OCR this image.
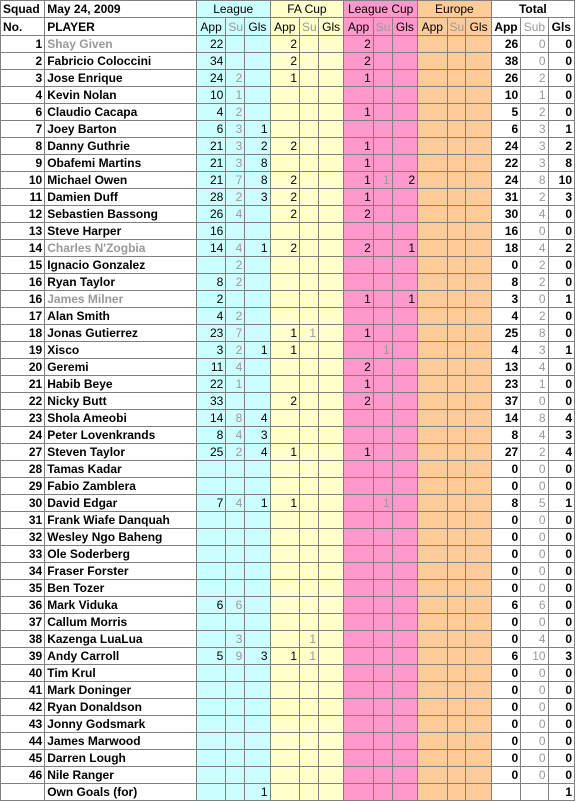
Squad	May 24, 2009	League			FA Cup			League Cup			Europe			Total		
No.	PLAYER	App	Su	Gls	App	Su	Gls	App	Su	Gls	App	Su	Gls	App	Sub	Gls
1	Shay Given	22			2			2						26	0	0
2	Fabricio Coloccini	34			2			2						38	0	0
3	Jose Enrique	24	2		1			1						26	2	0
4	Kevin Nolan	10	1											10	1	0
6	Claudio Cacapa	4	2					1						5	2	0
7	Joey Barton	6	3	1										6	3	1
8	Danny Guthrie	21	3	2	2			1						24	3	2
9	Obafemi Martins	21	3	8				1						22	3	8
10	Michael Owen	21	7	8	2			1	1	2				24	8	10
11	Damien Duff	28	2	3	2			1						31	2	3
12	Sebastien Bassong	26	4		2			2						30	4	0
13	Steve Harper	16												16	0	0
14	Charles N'Zogbia	14	4	1	2			2		1				18	4	2
15	Ignacio Gonzalez		2											0	2	0
16	Ryan Taylor	8	2											8	2	0
16	James Milner	2						1		1				3	0	1
17	Alan Smith	4	2											4	2	0
18	Jonas Gutierrez	23	7		1	1		1						25	8	0
19	Xisco	3	2	1	1				1					4	3	1
20	Geremi	11	4					2						13	4	0
21	Habib Beye	22	1					1						23	1	0
22	Nicky Butt	33			2			2						37	0	0
23	Shola Ameobi	14	8	4										14	8	4
24	Peter Lovenkrands	8	4	3										8	4	3
27	Steven Taylor	25	2	4	1			1						27	2	4
28	Tamas Kadar													0	0	0
29	Fabio Zamblera													0	0	0
30	David Edgar	7	4	1	1				1					8	5	1
31	Frank Wiafe Danquah													0	0	0
32	Wesley Ngo Baheng													0	0	0
33	Ole Soderberg													0	0	0
34	Fraser Forster													0	0	0
35	Ben Tozer													0	0	0
36	Mark Viduka	6	6											6	6	0
37	Callum Morris													0	0	0
38	Kazenga LuaLua		3			1								0	4	0
39	Andy Carroll	5	9	3	1	1								6	10	3
40	Tim Krul													0	0	0
41	Mark Doninger													0	0	0
42	Ryan Donaldson													0	0	0
43	Jonny Godsmark													0	0	0
44	James Marwood													0	0	0
45	Darren Lough													0	0	0
46	Nile Ranger													0	0	0
	Own Goals (for)			1												1
